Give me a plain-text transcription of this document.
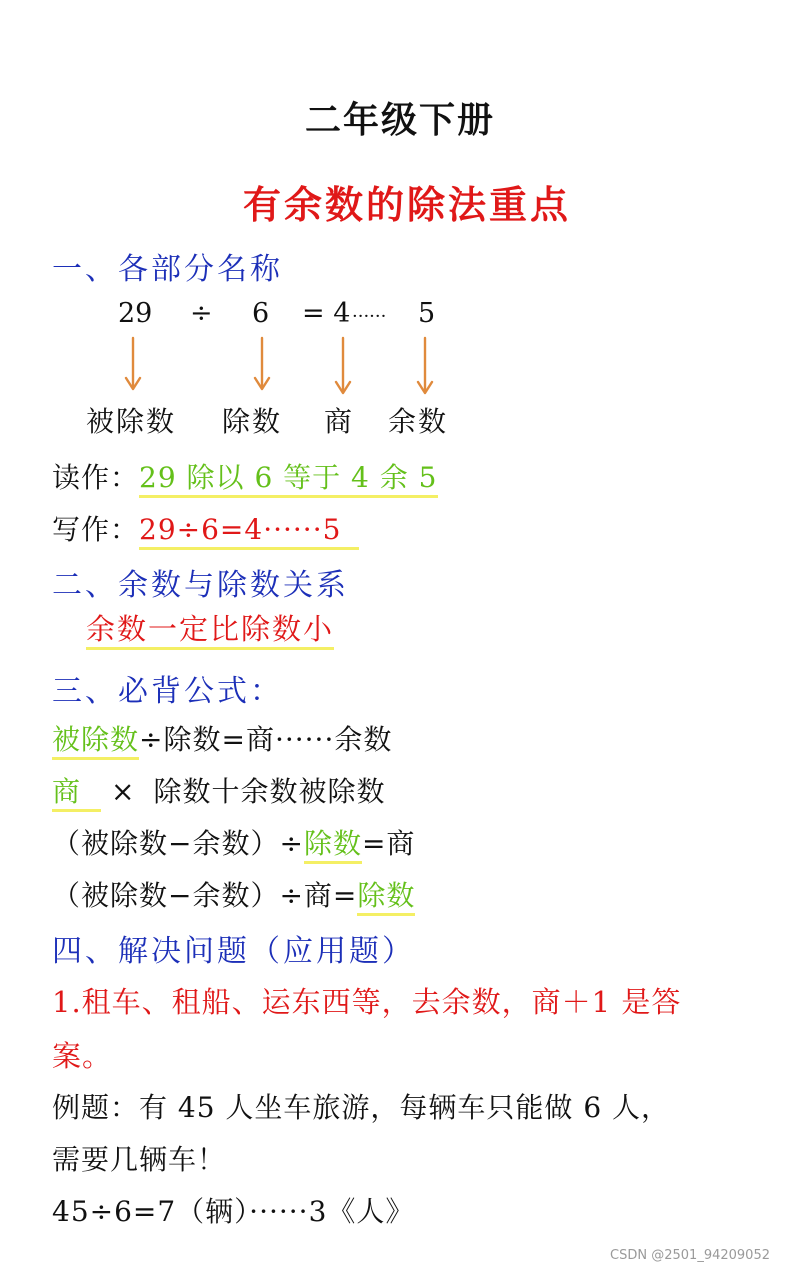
二年级下册
有余数的除法重点
一、各部分名称
29 ÷ 6 = 4 ······ 5
被除数 除数 商 余数
读作：29 除以 6 等于 4 余 5
写作：29÷6=4······5
二、余数与除数关系
余数一定比除数小
三、必背公式：
被除数÷除数=商······余数
商 × 除数十余数被除数
（被除数−余数）÷除数=商
（被除数−余数）÷商=除数
四、解决问题（应用题）
1.租车、租船、运东西等，去余数，商＋1 是答
案。
例题：有 45 人坐车旅游，每辆车只能做 6 人，
需要几辆车！
45÷6=7（辆）······3《人》
CSDN @2501_94209052
